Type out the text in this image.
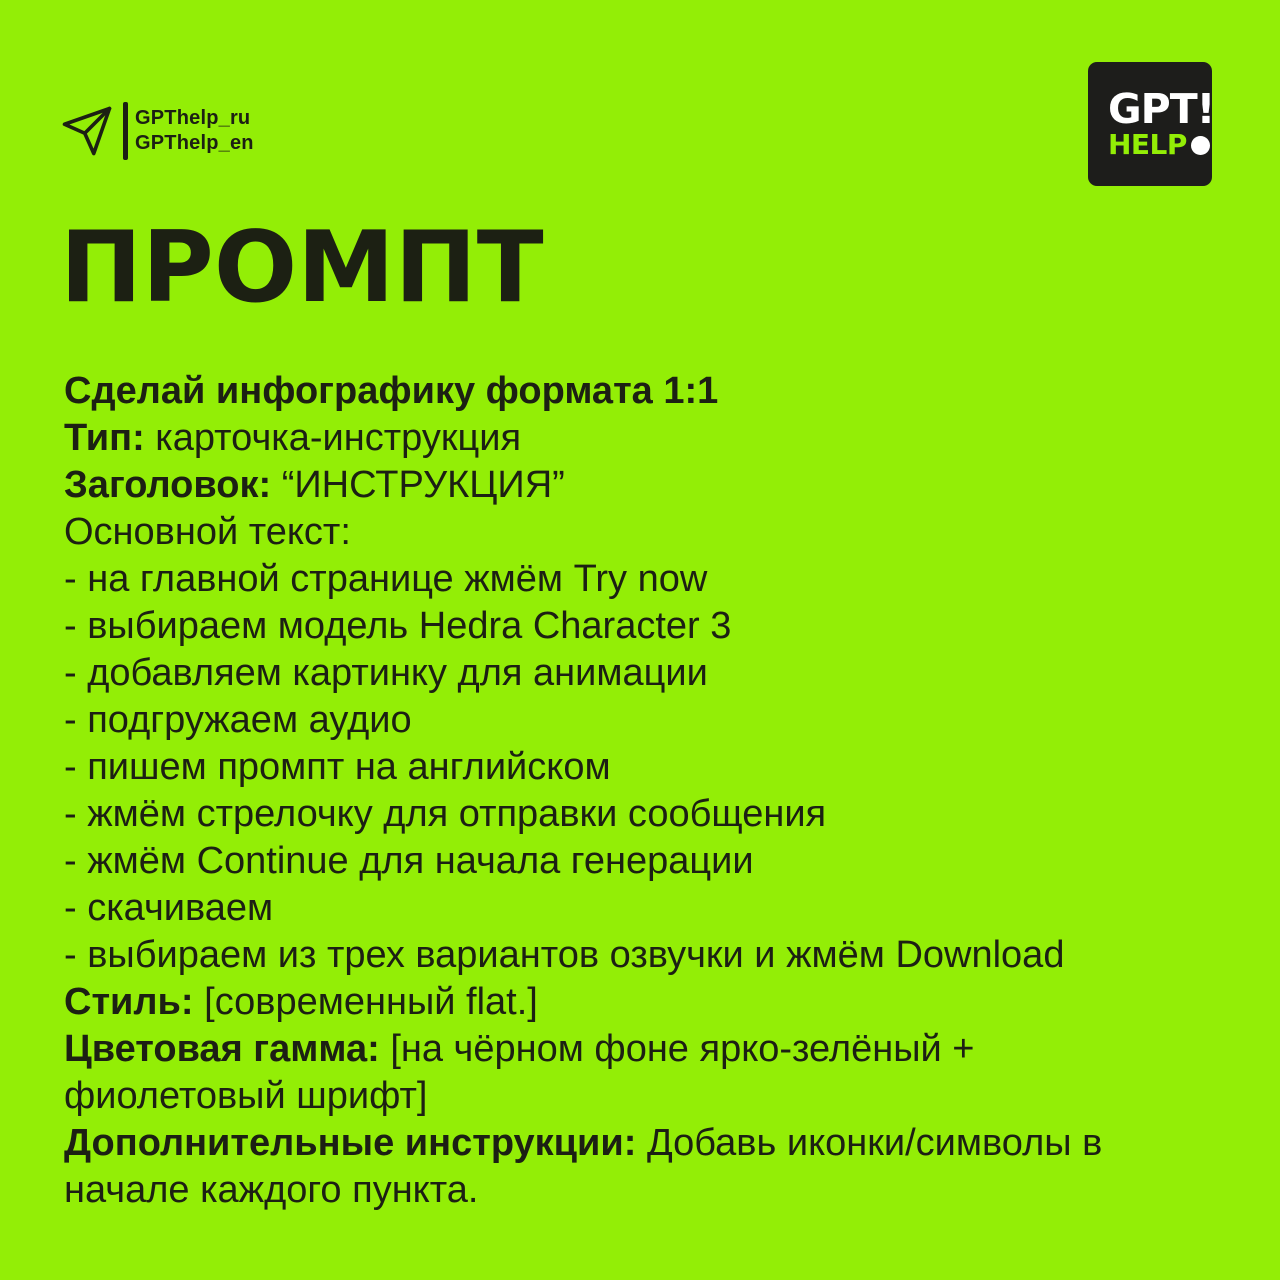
GPThelp_ru
GPThelp_en
GPT!
HELP
ПРОМПТ
Сделай инфографику формата 1:1
Тип: карточка-инструкция
Заголовок: “ИНСТРУКЦИЯ”
Основной текст:
- на главной странице жмём Try now
- выбираем модель Hedra Character 3
- добавляем картинку для анимации
- подгружаем аудио
- пишем промпт на английском
- жмём стрелочку для отправки сообщения
- жмём Continue для начала генерации
- скачиваем
- выбираем из трех вариантов озвучки и жмём Download
Стиль: [современный flat.]
Цветовая гамма: [на чёрном фоне ярко-зелёный +
фиолетовый шрифт]
Дополнительные инструкции: Добавь иконки/символы в
начале каждого пункта.
